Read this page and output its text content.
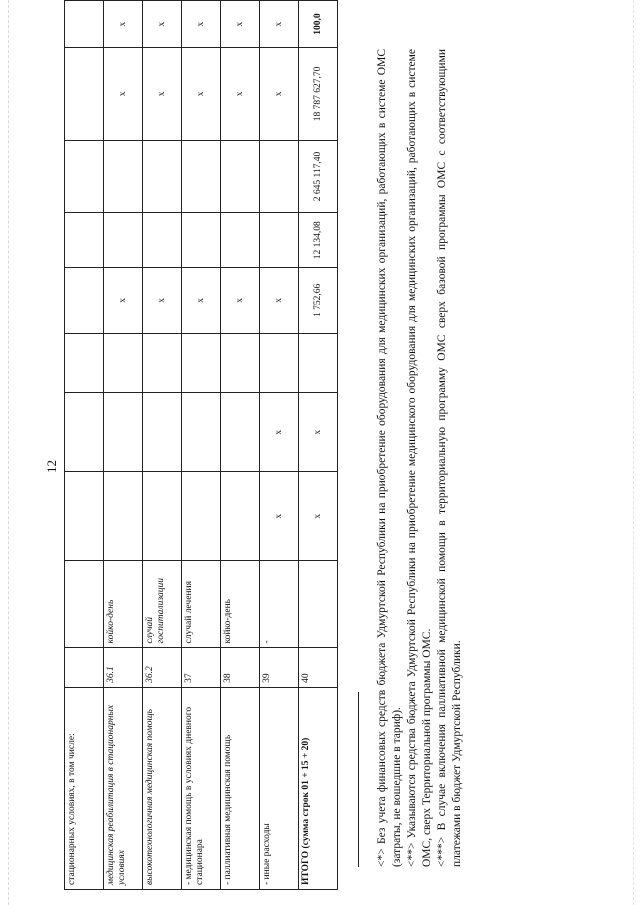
12
стационарных условиях, в том числе:										
медицинская реабилитация в стационарных условиях	36.1	койко-день				х			х	х
высокотехнологичная медицинская помощь	36.2	случай госпитализации				х			х	х
- медицинская помощь в условиях дневного стационара	37	случай лечения				х			х	х
- паллиативная медицинская помощь	38	койко-день				х			х	х
- иные расходы	39	-	х	х		х			х	х
ИТОГО (сумма строк 01 + 15 + 20)	40		х	х		1 752,66	12 134,08	2 645 117,40	18 787 627,70	100,0

<*> Без учета финансовых средств бюджета Удмуртской Республики на приобретение оборудования для медицинских организаций, работающих в системе ОМС (затраты, не вошедшие в тариф). <**> Указываются средства бюджета Удмуртской Республики на приобретение медицинского оборудования для медицинских организаций, работающих в системе ОМС, сверх Территориальной программы ОМС. <***> В случае включения паллиативной медицинской помощи в территориальную программу ОМС сверх базовой программы ОМС с соответствующими платежами в бюджет Удмуртской Республики.
